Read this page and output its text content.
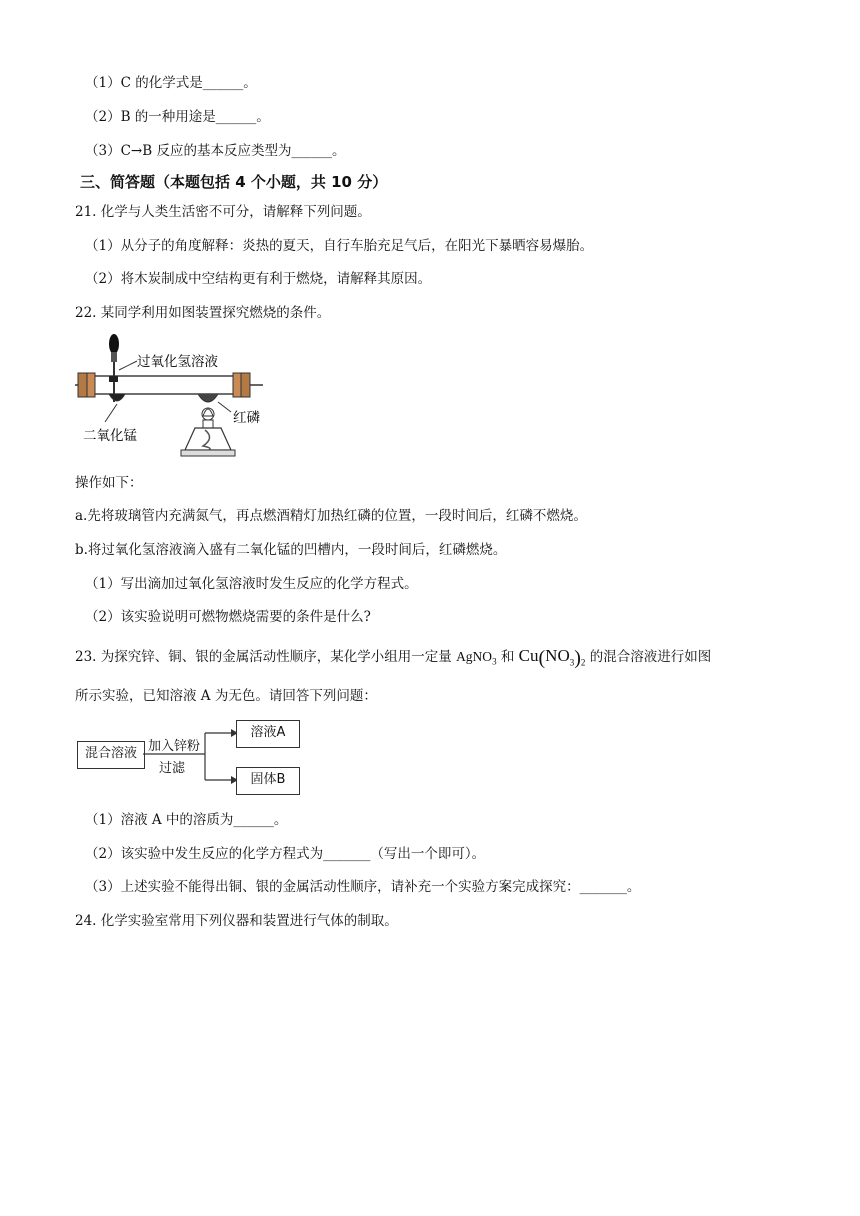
（1）C 的化学式是______。
（2）B 的一种用途是______。
（3）C→B 反应的基本反应类型为______。
三、简答题（本题包括 4 个小题，共 10 分）
21. 化学与人类生活密不可分，请解释下列问题。
（1）从分子的角度解释：炎热的夏天，自行车胎充足气后，在阳光下暴晒容易爆胎。
（2）将木炭制成中空结构更有利于燃烧，请解释其原因。
22. 某同学利用如图装置探究燃烧的条件。
过氧化氢溶液
红磷
二氧化锰
操作如下：
a.先将玻璃管内充满氮气，再点燃酒精灯加热红磷的位置，一段时间后，红磷不燃烧。
b.将过氧化氢溶液滴入盛有二氧化锰的凹槽内，一段时间后，红磷燃烧。
（1）写出滴加过氧化氢溶液时发生反应的化学方程式。
（2）该实验说明可燃物燃烧需要的条件是什么?
23. 为探究锌、铜、银的金属活动性顺序，某化学小组用一定量 AgNO$_3$ 和 $Cu(NO_3)_2$ 的混合溶液进行如图
所示实验，已知溶液 A 为无色。请回答下列问题：
混合溶液 加入锌粉
过滤
溶液A
固体B
（1）溶液 A 中的溶质为______。
（2）该实验中发生反应的化学方程式为_______（写出一个即可）。
（3）上述实验不能得出铜、银的金属活动性顺序，请补充一个实验方案完成探究：_______。
24. 化学实验室常用下列仪器和装置进行气体的制取。
